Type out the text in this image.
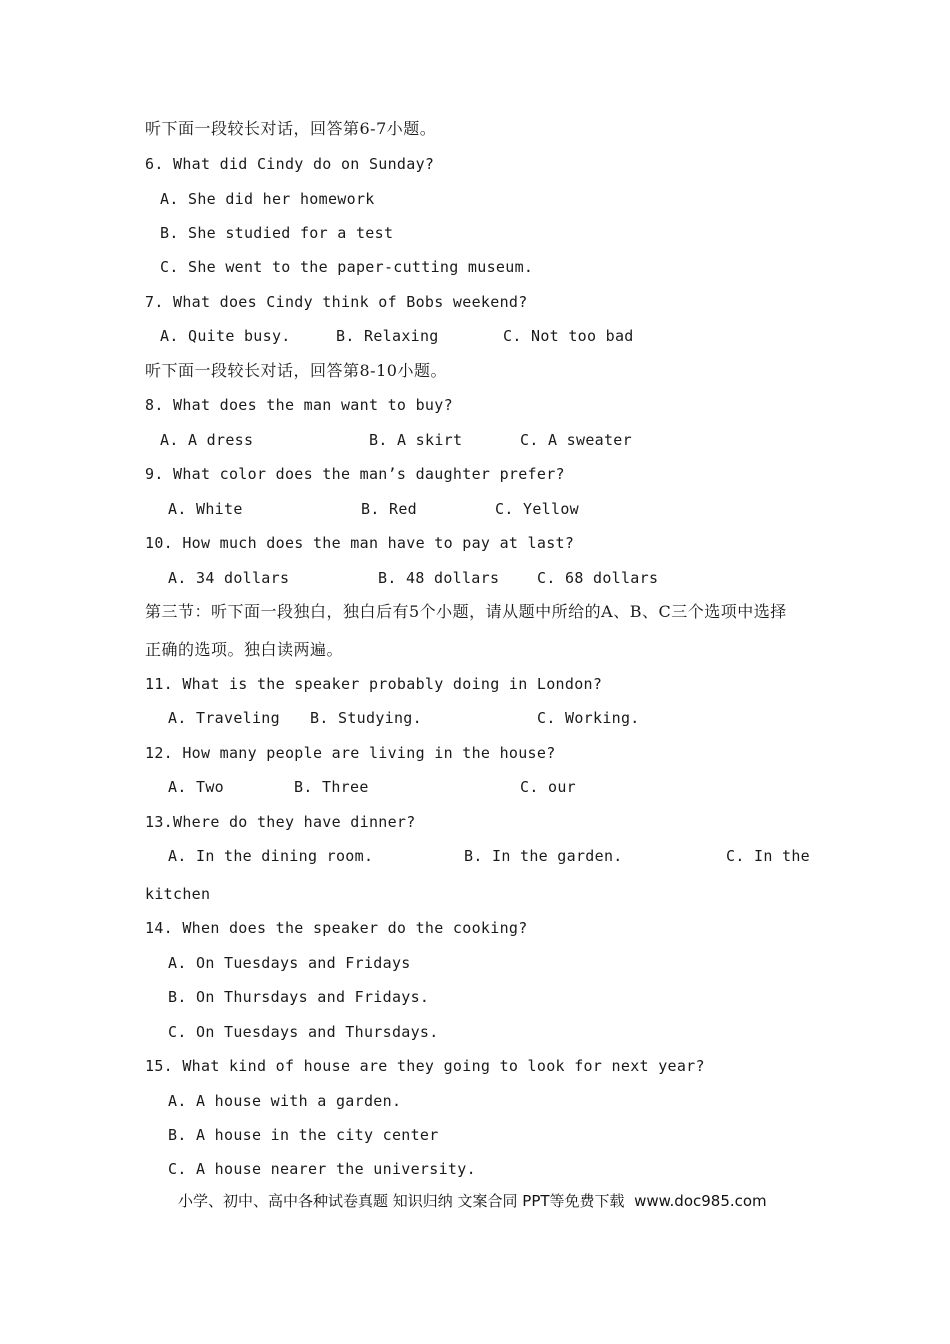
听下面一段较长对话，回答第6-7小题。
6. What did Cindy do on Sunday?
A. She did her homework
B. She studied for a test
C. She went to the paper-cutting museum.
7. What does Cindy think of Bobs weekend?
A. Quite busy.	B. Relaxing	C. Not too bad
听下面一段较长对话，回答第8-10小题。
8. What does the man want to buy?
A. A dress	B. A skirt	C. A sweater
9. What color does the man’s daughter prefer?
A. White	B. Red	C. Yellow
10. How much does the man have to pay at last?
A. 34 dollars	B. 48 dollars	C. 68 dollars
第三节：听下面一段独白，独白后有5个小题，请从题中所给的A、B、C三个选项中选择
正确的选项。独白读两遍。
11. What is the speaker probably doing in London?
A. Traveling B. Studying.	C. Working.
12. How many people are living in the house?
A. Two	B. Three	C. our
13.Where do they have dinner?
A. In the dining room.	B. In the garden.	C. In the
kitchen
14. When does the speaker do the cooking?
A. On Tuesdays and Fridays
B. On Thursdays and Fridays.
C. On Tuesdays and Thursdays.
15. What kind of house are they going to look for next year?
A. A house with a garden.
B. A house in the city center
C. A house nearer the university.
小学、初中、高中各种试卷真题 知识归纳 文案合同 PPT等免费下载  www.doc985.com
